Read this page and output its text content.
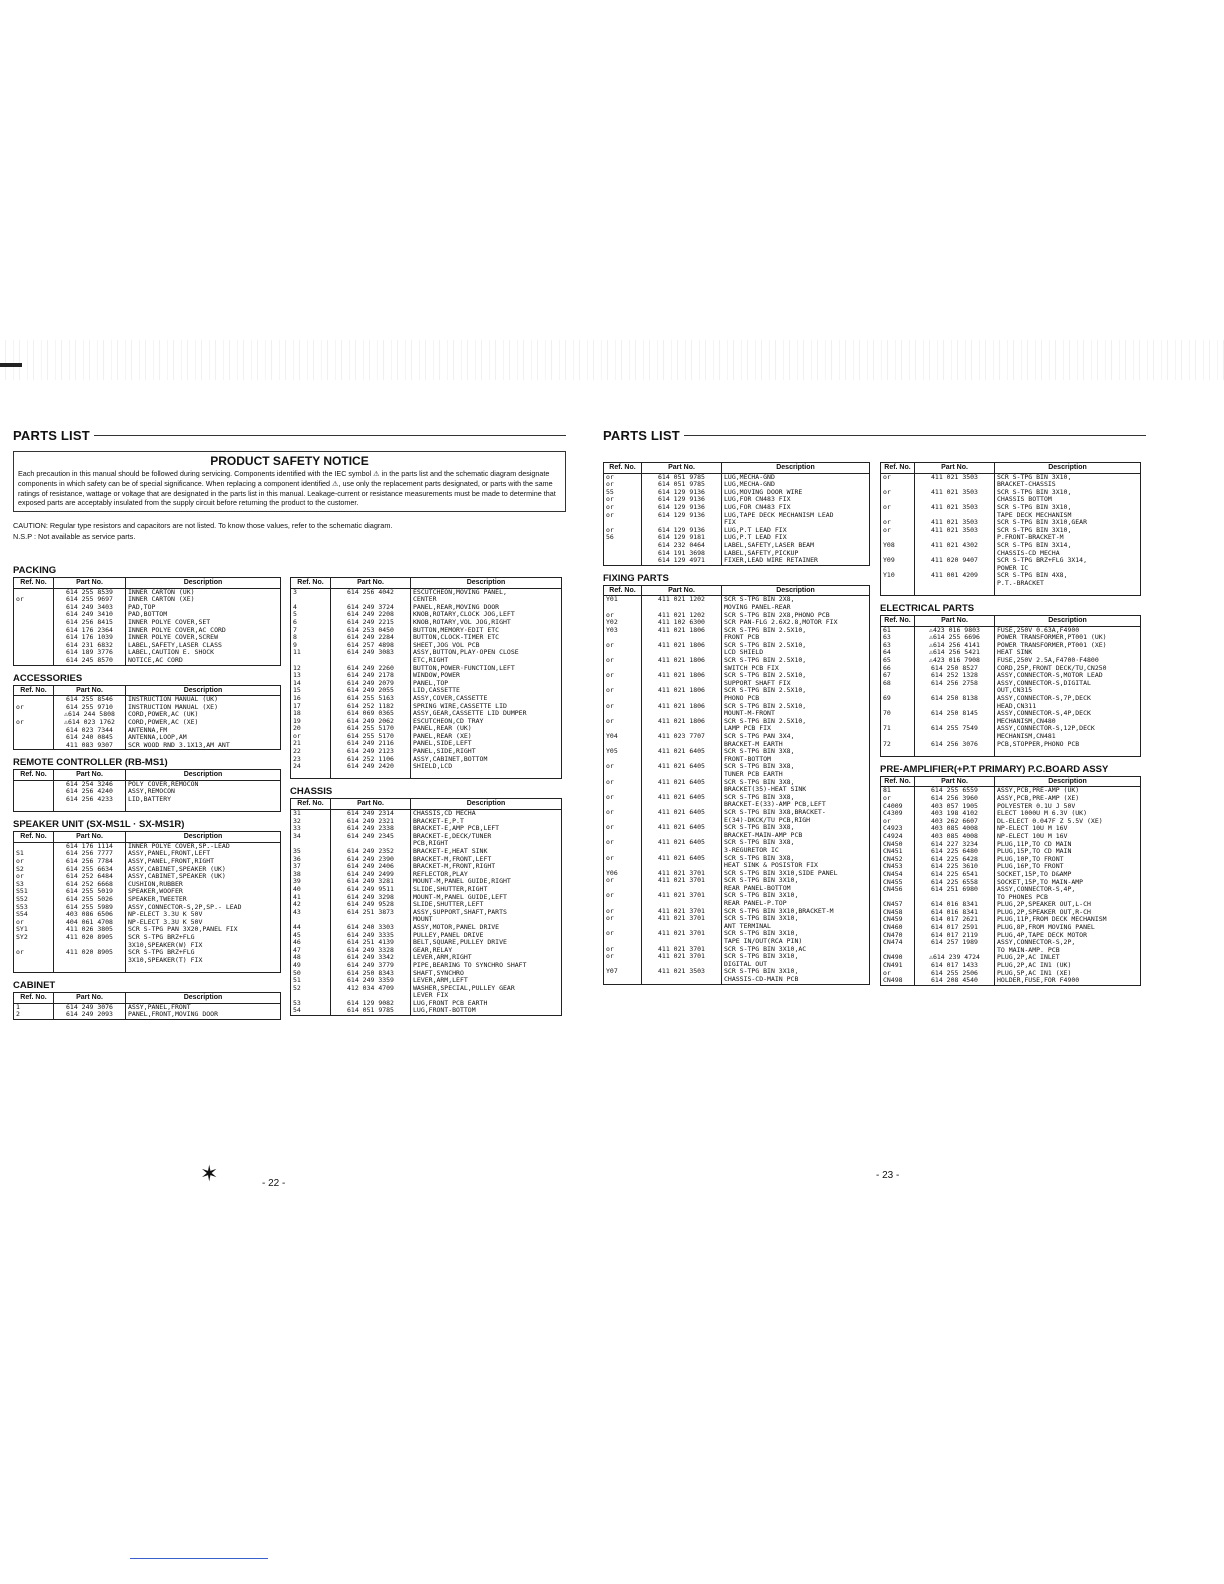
PARTS LIST
PRODUCT SAFETY NOTICE

Each precaution in this manual should be followed during servicing. Components identified with the IEC symbol ⚠ in the parts list and the schematic diagram designate components in which safety can be of special significance. When replacing a component identified ⚠, use only the replacement parts designated, or parts with the same ratings of resistance, wattage or voltage that are designated in the parts list in this manual. Leakage-current or resistance measurements must be made to determine that exposed parts are acceptably insulated from the supply circuit before returning the product to the customer.

CAUTION: Regular type resistors and capacitors are not listed. To know those values, refer to the schematic diagram.
N.S.P : Not available as service parts.
PACKING
Ref. No.	Part No.	Description
	614 255 8539	INNER CARTON (UK)
or	614 255 9697	INNER CARTON (XE)
	614 249 3403	PAD,TOP
	614 249 3410	PAD,BOTTOM
	614 256 8415	INNER POLYE COVER,SET
	614 176 2364	INNER POLYE COVER,AC CORD
	614 176 1039	INNER POLYE COVER,SCREW
	614 231 6832	LABEL,SAFETY,LASER CLASS
	614 189 3776	LABEL,CAUTION E. SHOCK
	614 245 8570	NOTICE,AC CORD
ACCESSORIES
Ref. No.	Part No.	Description
	614 255 8546	INSTRUCTION MANUAL (UK)
or	614 255 9710	INSTRUCTION MANUAL (XE)
	⚠614 244 5808	CORD,POWER,AC (UK)
or	⚠614 023 1762	CORD,POWER,AC (XE)
	614 023 7344	ANTENNA,FM
	614 240 0845	ANTENNA,LOOP,AM
	411 083 9307	SCR WOOD RND 3.1X13,AM ANT
REMOTE CONTROLLER (RB-MS1)
Ref. No.	Part No.	Description
	614 254 3246	POLY COVER,REMOCON
	614 256 4240	ASSY,REMOCON
	614 256 4233	LID,BATTERY

SPEAKER UNIT (SX-MS1L · SX-MS1R)
Ref. No.	Part No.	Description
	614 176 1114	INNER POLYE COVER,SP.-LEAD
S1	614 256 7777	ASSY,PANEL,FRONT,LEFT
or	614 256 7784	ASSY,PANEL,FRONT,RIGHT
S2	614 255 6634	ASSY,CABINET,SPEAKER (UK)
or	614 252 6484	ASSY,CABINET,SPEAKER (UK)
S3	614 252 6668	CUSHION,RUBBER
S51	614 255 5019	SPEAKER,WOOFER
S52	614 255 5026	SPEAKER,TWEETER
S53	614 255 5989	ASSY,CONNECTOR-S,2P,SP.- LEAD
S54	403 086 6506	NP-ELECT 3.3U K 50V
or	404 061 4708	NP-ELECT 3.3U K 50V
SY1	411 026 3805	SCR S-TPG PAN 3X20,PANEL FIX
SY2	411 020 8905	SCR S-TPG BRZ+FLG
		3X10,SPEAKER(W) FIX
or	411 020 8905	SCR S-TPG BRZ+FLG
		3X10,SPEAKER(T) FIX

CABINET
Ref. No.	Part No.	Description
1	614 249 3076	ASSY,PANEL,FRONT
2	614 249 2093	PANEL,FRONT,MOVING DOOR
Ref. No.	Part No.	Description
3	614 256 4042	ESCUTCHEON,MOVING PANEL,
		CENTER
4	614 249 3724	PANEL,REAR,MOVING DOOR
5	614 249 2208	KNOB,ROTARY,CLOCK JOG,LEFT
6	614 249 2215	KNOB,ROTARY,VOL JOG,RIGHT
7	614 253 0450	BUTTON,MEMORY·EDIT ETC
8	614 249 2284	BUTTON,CLOCK-TIMER ETC
9	614 257 4898	SHEET,JOG VOL PCB
11	614 249 3083	ASSY,BUTTON,PLAY·OPEN CLOSE
		ETC,RIGHT
12	614 249 2260	BUTTON,POWER·FUNCTION,LEFT
13	614 249 2178	WINDOW,POWER
14	614 249 2079	PANEL,TOP
15	614 249 2055	LID,CASSETTE
16	614 255 5163	ASSY,COVER,CASSETTE
17	614 252 1182	SPRING WIRE,CASSETTE LID
18	614 069 0365	ASSY,GEAR,CASSETTE LID DUMPER
19	614 249 2062	ESCUTCHEON,CD TRAY
20	614 255 5170	PANEL,REAR (UK)
or	614 255 5170	PANEL,REAR (XE)
21	614 249 2116	PANEL,SIDE,LEFT
22	614 249 2123	PANEL,SIDE,RIGHT
23	614 252 1106	ASSY,CABINET,BOTTOM
24	614 249 2420	SHIELD,LCD

CHASSIS
Ref. No.	Part No.	Description
31	614 249 2314	CHASSIS,CD MECHA
32	614 249 2321	BRACKET-E,P.T
33	614 249 2338	BRACKET-E,AMP PCB,LEFT
34	614 249 2345	BRACKET-E,DECK/TUNER
		PCB,RIGHT
35	614 249 2352	BRACKET-E,HEAT SINK
36	614 249 2390	BRACKET-M,FRONT,LEFT
37	614 249 2406	BRACKET-M,FRONT,RIGHT
38	614 249 2499	REFLECTOR,PLAY
39	614 249 3281	MOUNT-M,PANEL GUIDE,RIGHT
40	614 249 9511	SLIDE,SHUTTER,RIGHT
41	614 249 3298	MOUNT-M,PANEL GUIDE,LEFT
42	614 249 9528	SLIDE,SHUTTER,LEFT
43	614 251 3873	ASSY,SUPPORT,SHAFT,PARTS
		MOUNT
44	614 240 3303	ASSY,MOTOR,PANEL DRIVE
45	614 249 3335	PULLEY,PANEL DRIVE
46	614 251 4139	BELT,SQUARE,PULLEY DRIVE
47	614 249 3328	GEAR,RELAY
48	614 249 3342	LEVER,ARM,RIGHT
49	614 249 3779	PIPE,BEARING TO SYNCHRO SHAFT
50	614 250 8343	SHAFT,SYNCHRO
51	614 249 3359	LEVER,ARM,LEFT
52	412 034 4709	WASHER,SPECIAL,PULLEY GEAR
		LEVER FIX
53	614 129 9082	LUG,FRONT PCB EARTH
54	614 051 9785	LUG,FRONT-BOTTOM
✶	- 22 -
PARTS LIST
Ref. No.	Part No.	Description
or	614 051 9785	LUG,MECHA-GND
or	614 051 9785	LUG,MECHA-GND
55	614 129 9136	LUG,MOVING DOOR WIRE
or	614 129 9136	LUG,FOR CN483 FIX
or	614 129 9136	LUG,FOR CN483 FIX
or	614 129 9136	LUG,TAPE DECK MECHANISM LEAD
		FIX
or	614 129 9136	LUG,P.T LEAD FIX
56	614 129 9181	LUG,P.T LEAD FIX
	614 232 0464	LABEL,SAFETY,LASER BEAM
	614 191 3698	LABEL,SAFETY,PICKUP
	614 129 4971	FIXER,LEAD WIRE RETAINER
FIXING PARTS
Ref. No.	Part No.	Description
Y01	411 021 1202	SCR S-TPG BIN 2X8,
		MOVING PANEL-REAR
or	411 021 1202	SCR S-TPG BIN 2X8,PHONO PCB
Y02	411 102 6300	SCR PAN-FLG 2.6X2.8,MOTOR FIX
Y03	411 021 1806	SCR S-TPG BIN 2.5X10,
		FRONT PCB
or	411 021 1806	SCR S-TPG BIN 2.5X10,
		LCD SHIELD
or	411 021 1806	SCR S-TPG BIN 2.5X10,
		SWITCH PCB FIX
or	411 021 1806	SCR S-TPG BIN 2.5X10,
		SUPPORT SHAFT FIX
or	411 021 1806	SCR S-TPG BIN 2.5X10,
		PHONO PCB
or	411 021 1806	SCR S-TPG BIN 2.5X10,
		MOUNT-M-FRONT
or	411 021 1806	SCR S-TPG BIN 2.5X10,
		LAMP PCB FIX
Y04	411 023 7707	SCR S-TPG PAN 3X4,
		BRACKET-M EARTH
Y05	411 021 6405	SCR S-TPG BIN 3X8,
		FRONT-BOTTOM
or	411 021 6405	SCR S-TPG BIN 3X8,
		TUNER PCB EARTH
or	411 021 6405	SCR S-TPG BIN 3X8,
		BRACKET(35)-HEAT SINK
or	411 021 6405	SCR S-TPG BIN 3X8,
		BRACKET-E(33)-AMP PCB,LEFT
or	411 021 6405	SCR S-TPG BIN 3X8,BRACKET-
		E(34)-DKCK/TU PCB,RIGH
or	411 021 6405	SCR S-TPG BIN 3X8,
		BRACKET-MAIN-AMP PCB
or	411 021 6405	SCR S-TPG BIN 3X8,
		3-REGURETOR IC
or	411 021 6405	SCR S-TPG BIN 3X8,
		HEAT SINK & POSISTOR FIX
Y06	411 021 3701	SCR S-TPG BIN 3X10,SIDE PANEL
or	411 021 3701	SCR S-TPG BIN 3X10,
		REAR PANEL-BOTTOM
or	411 021 3701	SCR S-TPG BIN 3X10,
		REAR PANEL-P.TOP
or	411 021 3701	SCR S-TPG BIN 3X10,BRACKET-M
or	411 021 3701	SCR S-TPG BIN 3X10,
		ANT TERMINAL
or	411 021 3701	SCR S-TPG BIN 3X10,
		TAPE IN/OUT(RCA PIN)
or	411 021 3701	SCR S-TPG BIN 3X10,AC
or	411 021 3701	SCR S-TPG BIN 3X10,
		DIGITAL OUT
Y07	411 021 3503	SCR S-TPG BIN 3X10,
		CHASSIS-CD-MAIN PCB
Ref. No.	Part No.	Description
or	411 021 3503	SCR S-TPG BIN 3X10,
		BRACKET-CHASSIS
or	411 021 3503	SCR S-TPG BIN 3X10,
		CHASSIS BOTTOM
or	411 021 3503	SCR S-TPG BIN 3X10,
		TAPE DECK MECHANISM
or	411 021 3503	SCR S-TPG BIN 3X10,GEAR
or	411 021 3503	SCR S-TPG BIN 3X10,
		P.FRONT-BRACKET-M
Y08	411 021 4302	SCR S-TPG BIN 3X14,
		CHASSIS-CD MECHA
Y09	411 020 9407	SCR S-TPG BRZ+FLG 3X14,
		POWER IC
Y10	411 001 4209	SCR S-TPG BIN 4X8,
		P.T.-BRACKET

ELECTRICAL PARTS
Ref. No.	Part No.	Description
61	⚠423 016 9803	FUSE,250V 0.63A,F4900
63	⚠614 255 6696	POWER TRANSFORMER,PT001 (UK)
63	⚠614 256 4141	POWER TRANSFORMER,PT001 (XE)
64	⚠614 256 5421	HEAT SINK
65	⚠423 016 7908	FUSE,250V 2.5A,F4700·F4800
66	614 250 8527	CORD,25P,FRONT DECK/TU,CN250
67	614 252 1328	ASSY,CONNECTOR-S,MOTOR LEAD
68	614 256 2758	ASSY,CONNECTOR-S,DIGITAL
		OUT,CN315
69	614 250 8138	ASSY,CONNECTOR-S,7P,DECK
		HEAD,CN311
70	614 250 8145	ASSY,CONNECTOR-S,4P,DECK
		MECHANISM,CN480
71	614 255 7549	ASSY,CONNECTOR-S,12P,DECK
		MECHANISM,CN481
72	614 256 3076	PCB,STOPPER,PHONO PCB

PRE-AMPLIFIER(+P.T PRIMARY) P.C.BOARD ASSY
Ref. No.	Part No.	Description
81	614 255 6559	ASSY,PCB,PRE-AMP (UK)
or	614 256 3960	ASSY,PCB,PRE-AMP (XE)
C4009	403 057 1905	POLYESTER 0.1U J 50V
C4309	403 198 4102	ELECT 1000U M 6.3V (UK)
or	403 262 6607	DL-ELECT 0.047F Z 5.5V (XE)
C4923	403 085 4008	NP-ELECT 10U M 16V
C4924	403 085 4008	NP-ELECT 10U M 16V
CN450	614 227 3234	PLUG,11P,TO CD MAIN
CN451	614 225 6480	PLUG,15P,TO CD MAIN
CN452	614 225 6428	PLUG,10P,TO FRONT
CN453	614 225 3610	PLUG,16P,TO FRONT
CN454	614 225 6541	SOCKET,15P,TO D&AMP
CN455	614 225 6558	SOCKET,15P,TO MAIN-AMP
CN456	614 251 6980	ASSY,CONNECTOR-S,4P,
		TO PHONES PCB
CN457	614 016 8341	PLUG,2P,SPEAKER OUT,L-CH
CN458	614 016 8341	PLUG,2P,SPEAKER OUT,R-CH
CN459	614 017 2621	PLUG,11P,FROM DECK MECHANISM
CN460	614 017 2591	PLUG,8P,FROM MOVING PANEL
CN470	614 017 2119	PLUG,4P,TAPE DECK MOTOR
CN474	614 257 1989	ASSY,CONNECTOR-S,2P,
		TO MAIN-AMP. PCB
CN490	⚠614 239 4724	PLUG,2P,AC INLET
CN491	614 017 1433	PLUG,2P,AC IN1 (UK)
or	614 255 2506	PLUG,5P,AC IN1 (XE)
CN498	614 208 4540	HOLDER,FUSE,FOR F4900
- 23 -
